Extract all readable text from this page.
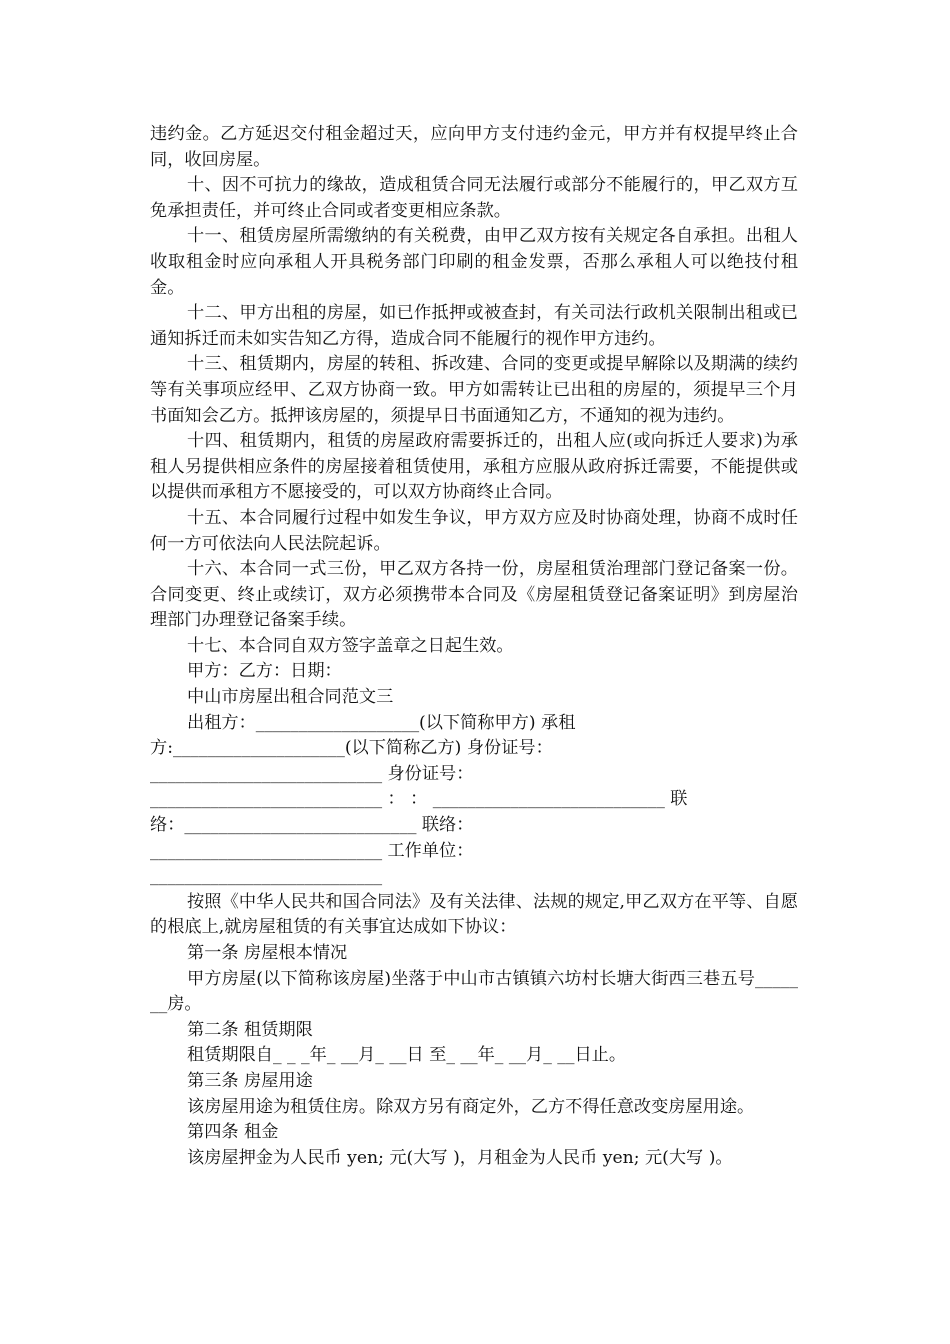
违约金。乙方延迟交付租金超过天，应向甲方支付违约金元，甲方并有权提早终止合同，收回房屋。

十、因不可抗力的缘故，造成租赁合同无法履行或部分不能履行的，甲乙双方互免承担责任，并可终止合同或者变更相应条款。

十一、租赁房屋所需缴纳的有关税费，由甲乙双方按有关规定各自承担。出租人收取租金时应向承租人开具税务部门印刷的租金发票，否那么承租人可以绝技付租金。

十二、甲方出租的房屋，如已作抵押或被查封，有关司法行政机关限制出租或已通知拆迁而未如实告知乙方得，造成合同不能履行的视作甲方违约。

十三、租赁期内，房屋的转租、拆改建、合同的变更或提早解除以及期满的续约等有关事项应经甲、乙双方协商一致。甲方如需转让已出租的房屋的，须提早三个月书面知会乙方。抵押该房屋的，须提早日书面通知乙方，不通知的视为违约。

十四、租赁期内，租赁的房屋政府需要拆迁的，出租人应(或向拆迁人要求)为承租人另提供相应条件的房屋接着租赁使用，承租方应服从政府拆迁需要，不能提供或以提供而承租方不愿接受的，可以双方协商终止合同。

十五、本合同履行过程中如发生争议，甲方双方应及时协商处理，协商不成时任何一方可依法向人民法院起诉。

十六、本合同一式三份，甲乙双方各持一份，房屋租赁治理部门登记备案一份。合同变更、终止或续订，双方必须携带本合同及《房屋租赁登记备案证明》到房屋治理部门办理登记备案手续。

十七、本合同自双方签字盖章之日起生效。

甲方：乙方：日期：

中山市房屋出租合同范文三

出租方：___________________(以下简称甲方) 承租

方:____________________(以下简称乙方) 身份证号：

___________________________ 身份证号：

___________________________ ： ： ___________________________ 联

络：___________________________ 联络：

___________________________ 工作单位：

___________________________

按照《中华人民共和国合同法》及有关法律、法规的规定,甲乙双方在平等、自愿的根底上,就房屋租赁的有关事宜达成如下协议：

第一条 房屋根本情况

甲方房屋(以下简称该房屋)坐落于中山市古镇镇六坊村长塘大街西三巷五号_______房。

第二条 租赁期限

租赁期限自_ _ _年_ __月_ __日 至_ __年_ __月_ __日止。

第三条 房屋用途

该房屋用途为租赁住房。除双方另有商定外，乙方不得任意改变房屋用途。

第四条 租金

该房屋押金为人民币 yen; 元(大写 )，月租金为人民币 yen; 元(大写 )。
